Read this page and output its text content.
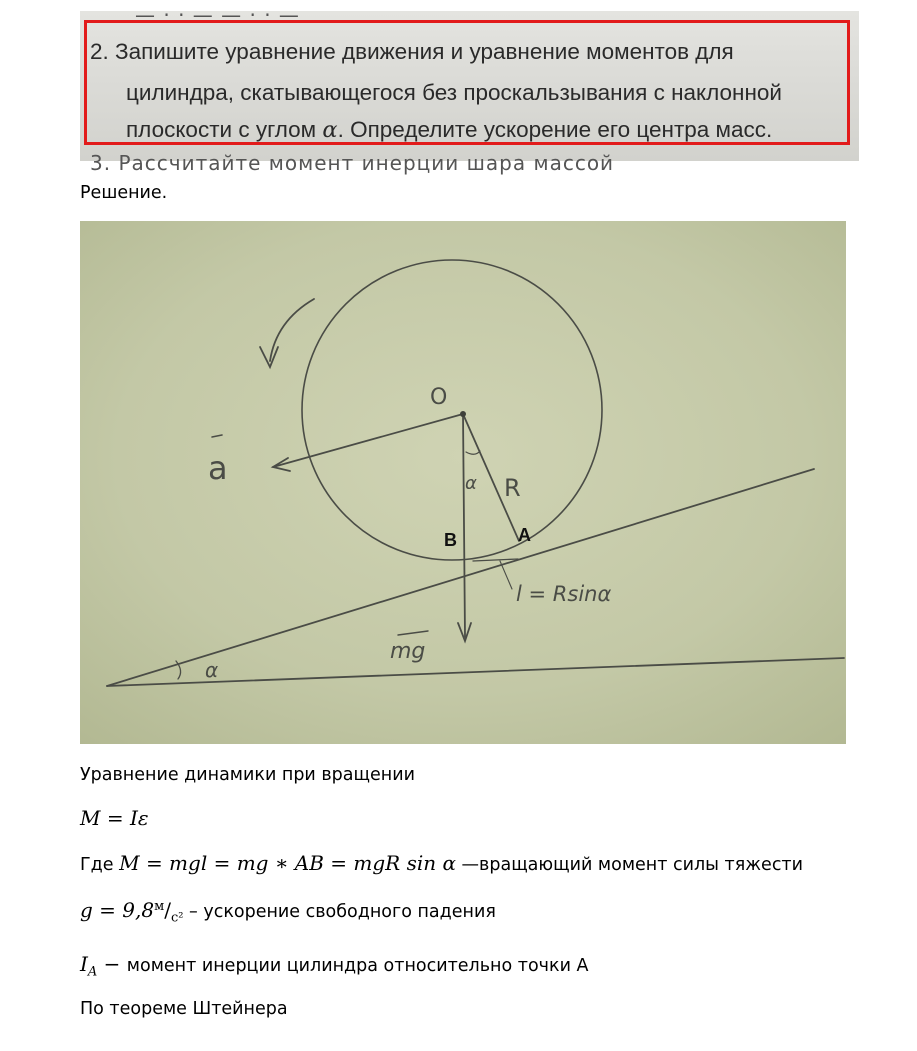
— · · — — · · —
2. Запишите уравнение движения и уравнение моментов для
цилиндра, скатывающегося без проскальзывания с наклонной
плоскости с углом α. Определите ускорение его центра масс.
3. Рассчитайте момент инерции шара массой
Решение.
O
a
R
α
l = Rsinα
mg
α
B	A
Уравнение динамики при вращении
M = Iε
Где M = mgl = mg ∗ AB = mgR sin α —вращающий момент силы тяжести
$g = 9,8^м/_{c^2}$ – ускорение свободного падения
$I_A$ − момент инерции цилиндра относительно точки А
По теореме Штейнера
